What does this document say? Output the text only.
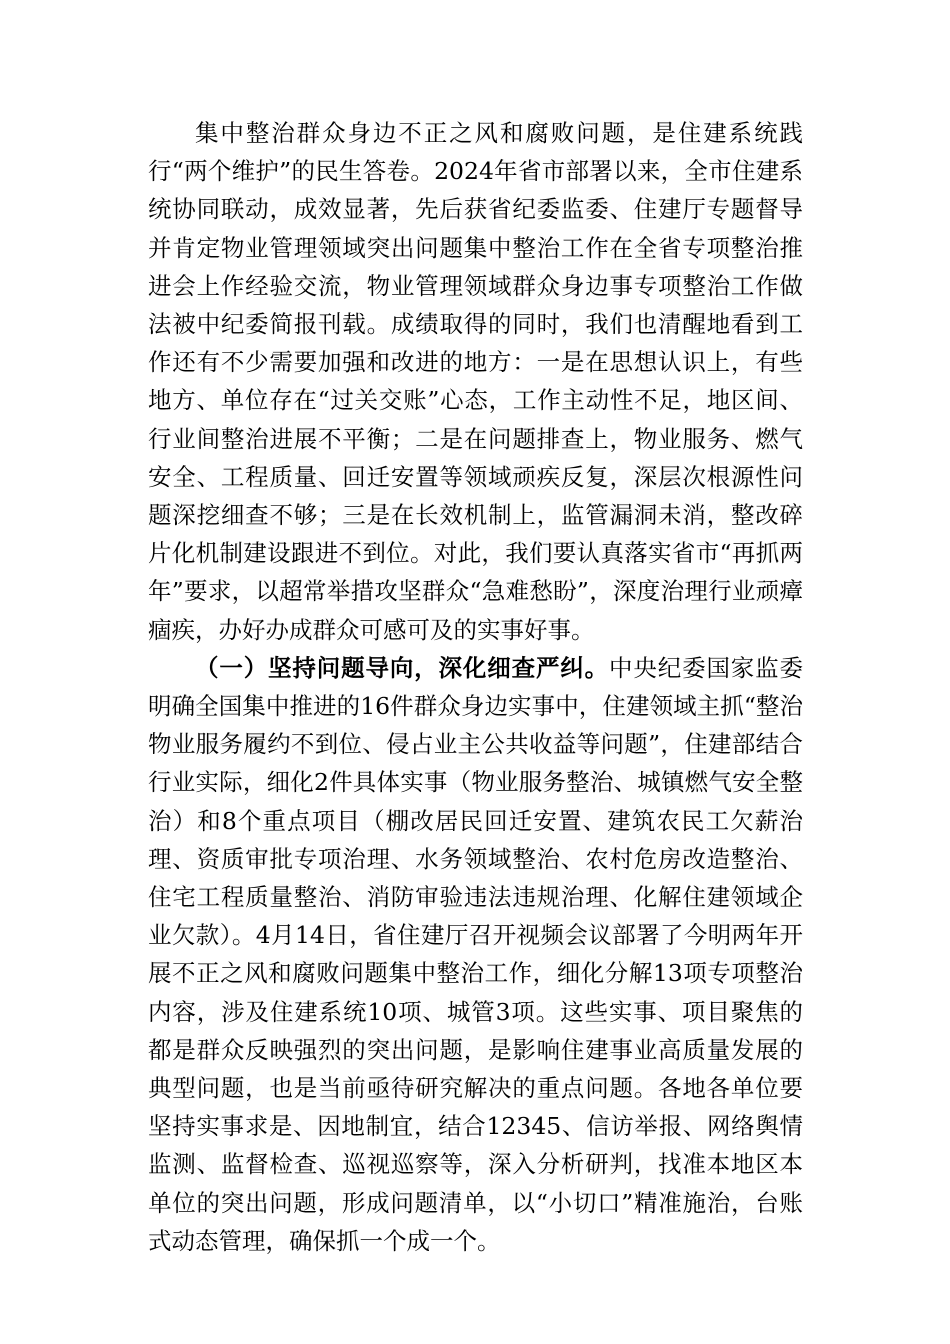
集中整治群众身边不正之风和腐败问题，是住建系统践行“两个维护”的民生答卷。2024年省市部署以来，全市住建系统协同联动，成效显著，先后获省纪委监委、住建厅专题督导并肯定物业管理领域突出问题集中整治工作在全省专项整治推进会上作经验交流，物业管理领域群众身边事专项整治工作做法被中纪委简报刊载。成绩取得的同时，我们也清醒地看到工作还有不少需要加强和改进的地方：一是在思想认识上，有些地方、单位存在“过关交账”心态，工作主动性不足，地区间、行业间整治进展不平衡；二是在问题排查上，物业服务、燃气安全、工程质量、回迁安置等领域顽疾反复，深层次根源性问题深挖细查不够；三是在长效机制上，监管漏洞未消，整改碎片化机制建设跟进不到位。对此，我们要认真落实省市“再抓两年”要求，以超常举措攻坚群众“急难愁盼”，深度治理行业顽瘴痼疾，办好办成群众可感可及的实事好事。

（一）坚持问题导向，深化细查严纠。中央纪委国家监委明确全国集中推进的16件群众身边实事中，住建领域主抓“整治物业服务履约不到位、侵占业主公共收益等问题”，住建部结合行业实际，细化2件具体实事（物业服务整治、城镇燃气安全整治）和8个重点项目（棚改居民回迁安置、建筑农民工欠薪治理、资质审批专项治理、水务领域整治、农村危房改造整治、住宅工程质量整治、消防审验违法违规治理、化解住建领域企业欠款）。4月14日，省住建厅召开视频会议部署了今明两年开展不正之风和腐败问题集中整治工作，细化分解13项专项整治内容，涉及住建系统10项、城管3项。这些实事、项目聚焦的都是群众反映强烈的突出问题，是影响住建事业高质量发展的典型问题，也是当前亟待研究解决的重点问题。各地各单位要坚持实事求是、因地制宜，结合12345、信访举报、网络舆情监测、监督检查、巡视巡察等，深入分析研判，找准本地区本单位的突出问题，形成问题清单，以“小切口”精准施治，台账式动态管理，确保抓一个成一个。
